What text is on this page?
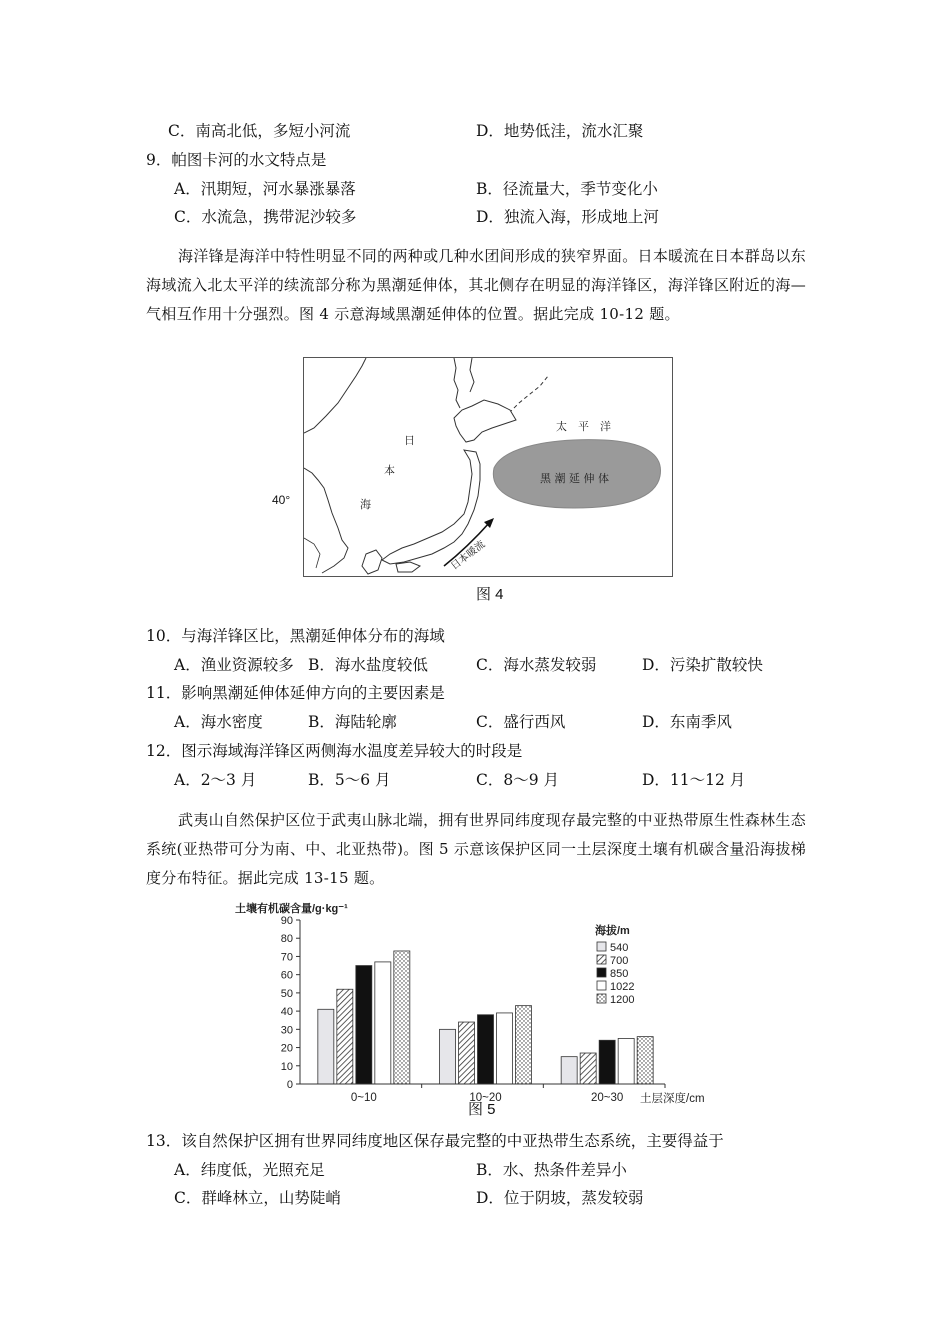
C．南高北低，多短小河流	D．地势低洼，流水汇聚
9．帕图卡河的水文特点是
A．汛期短，河水暴涨暴落	B．径流量大，季节变化小
C．水流急，携带泥沙较多	D．独流入海，形成地上河
海洋锋是海洋中特性明显不同的两种或几种水团间形成的狭窄界面。日本暖流在日本群岛以东海域流入北太平洋的续流部分称为黑潮延伸体，其北侧存在明显的海洋锋区，海洋锋区附近的海—气相互作用十分强烈。图 4 示意海域黑潮延伸体的位置。据此完成 10-12 题。
日
本
海
太　平　洋
黑 潮 延 伸 体
日本暖流
40°
图 4
10．与海洋锋区比，黑潮延伸体分布的海域
A．渔业资源较多 B．海水盐度较低	C．海水蒸发较弱	D．污染扩散较快
11．影响黑潮延伸体延伸方向的主要因素是
A．海水密度	B．海陆轮廓	C．盛行西风	D．东南季风
12．图示海域海洋锋区两侧海水温度差异较大的时段是
A．2～3 月	B．5～6 月	C．8～9 月	D．11～12 月
武夷山自然保护区位于武夷山脉北端，拥有世界同纬度现存最完整的中亚热带原生性森林生态系统(亚热带可分为南、中、北亚热带)。图 5 示意该保护区同一土层深度土壤有机碳含量沿海拔梯度分布特征。据此完成 13-15 题。
土壤有机碳含量/g·kg⁻¹
0
10
20
30
40
50
60
70
80
90
0~10	10~20	20~30 土层深度/cm
海拔/m
540
700
850
1022
1200
图 5
13．该自然保护区拥有世界同纬度地区保存最完整的中亚热带生态系统，主要得益于
A．纬度低，光照充足	B．水、热条件差异小
C．群峰林立，山势陡峭	D．位于阴坡，蒸发较弱
